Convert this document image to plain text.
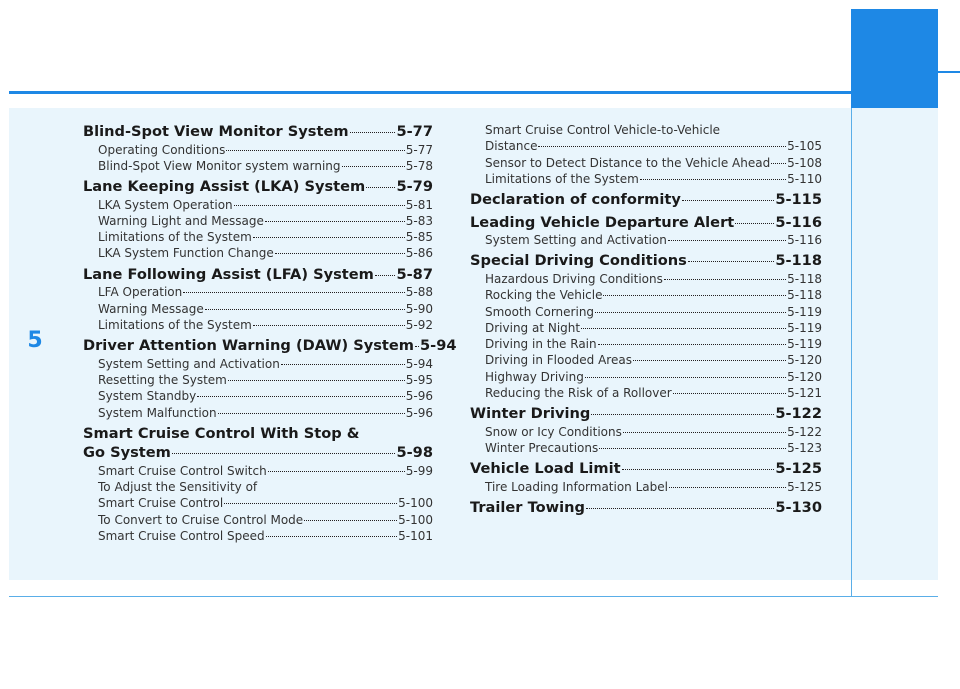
5
Blind-Spot View Monitor System	5-77
Operating Conditions	5-77
Blind-Spot View Monitor system warning	5-78
Lane Keeping Assist (LKA) System 5-79
LKA System Operation	5-81
Warning Light and Message	5-83
Limitations of the System	5-85
LKA System Function Change	5-86
Lane Following Assist (LFA) System 5-87
LFA Operation	5-88
Warning Message	5-90
Limitations of the System	5-92
Driver Attention Warning (DAW) System 5-94
System Setting and Activation	5-94
Resetting the System	5-95
System Standby	5-96
System Malfunction	5-96
Smart Cruise Control With Stop &
Go System	5-98
Smart Cruise Control Switch	5-99
To Adjust the Sensitivity of
Smart Cruise Control	5-100
To Convert to Cruise Control Mode	5-100
Smart Cruise Control Speed	5-101
Smart Cruise Control Vehicle-to-Vehicle
Distance	5-105
Sensor to Detect Distance to the Vehicle Ahead 5-108
Limitations of the System	5-110
Declaration of conformity	5-115
Leading Vehicle Departure Alert	5-116
System Setting and Activation	5-116
Special Driving Conditions	5-118
Hazardous Driving Conditions	5-118
Rocking the Vehicle	5-118
Smooth Cornering	5-119
Driving at Night	5-119
Driving in the Rain	5-119
Driving in Flooded Areas	5-120
Highway Driving	5-120
Reducing the Risk of a Rollover	5-121
Winter Driving	5-122
Snow or Icy Conditions	5-122
Winter Precautions	5-123
Vehicle Load Limit	5-125
Tire Loading Information Label	5-125
Trailer Towing	5-130
